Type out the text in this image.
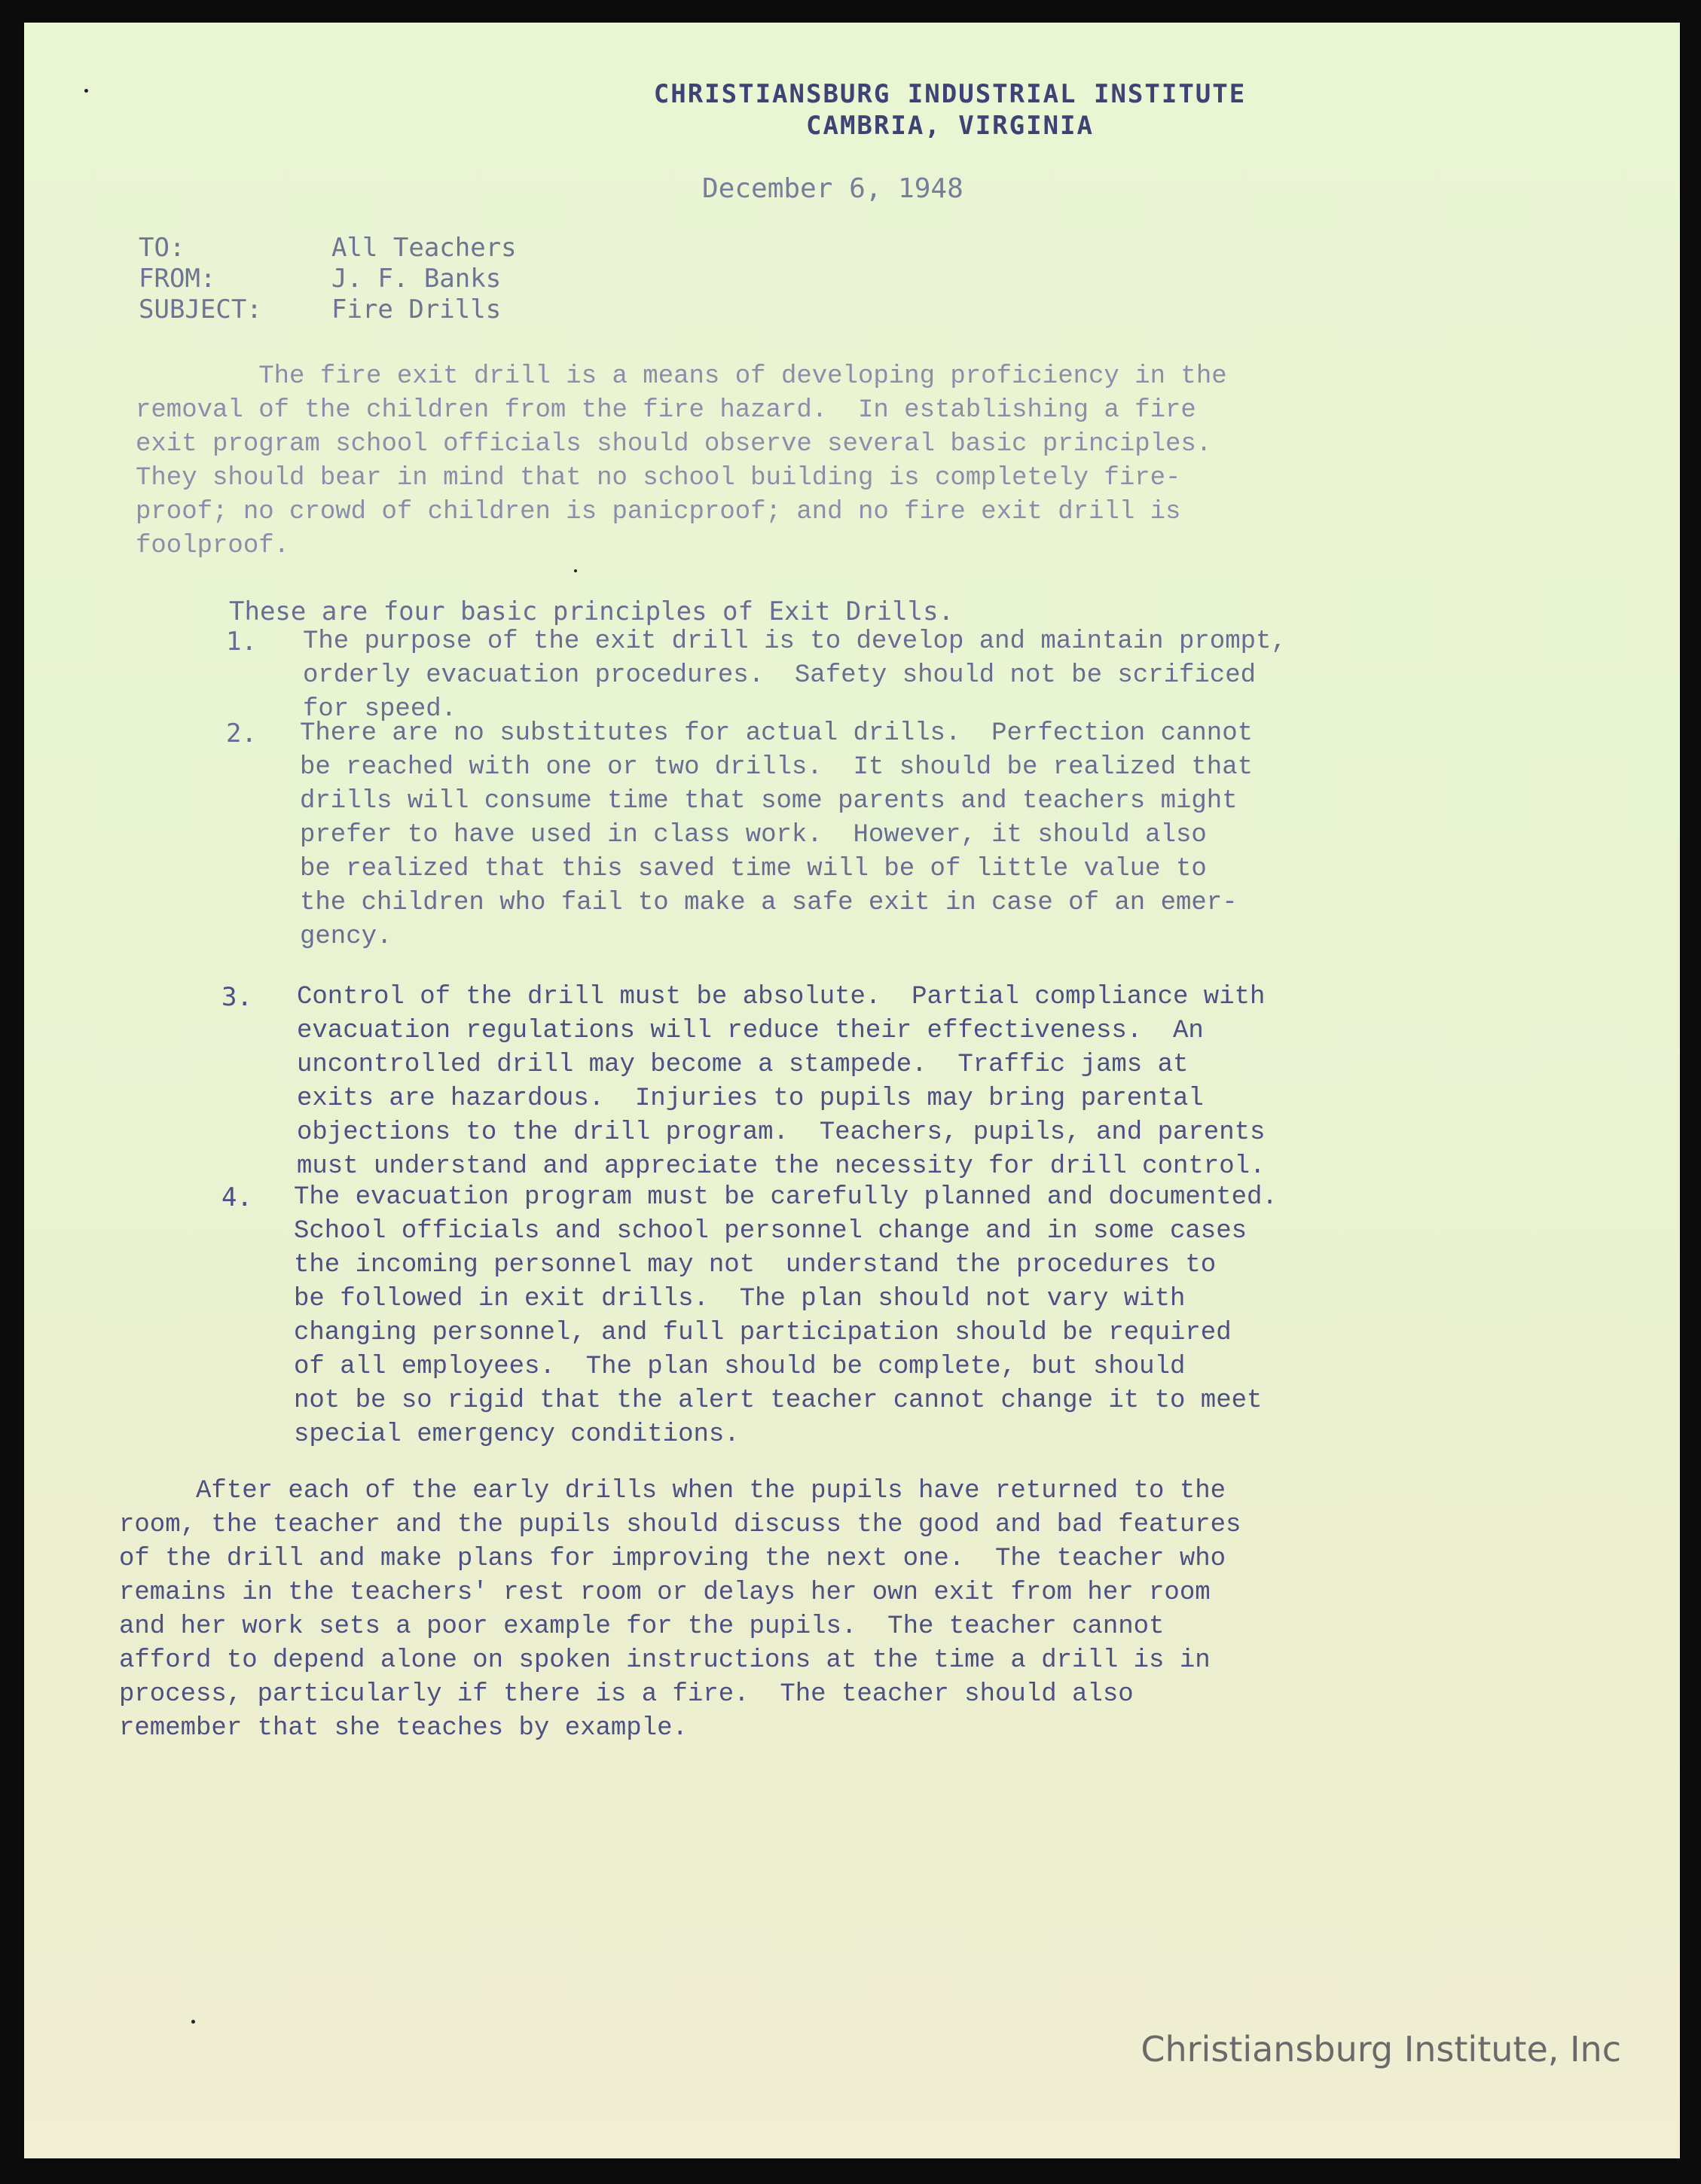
CHRISTIANSBURG INDUSTRIAL INSTITUTE
CAMBRIA, VIRGINIA
December 6, 1948
TO:	All Teachers
FROM:	J. F. Banks
SUBJECT:	Fire Drills
The fire exit drill is a means of developing proficiency in the
removal of the children from the fire hazard.  In establishing a fire
exit program school officials should observe several basic principles.
They should bear in mind that no school building is completely fire-
proof; no crowd of children is panicproof; and no fire exit drill is
foolproof.
These are four basic principles of Exit Drills.
1. The purpose of the exit drill is to develop and maintain prompt,
orderly evacuation procedures.  Safety should not be scrificed
for speed.
2. There are no substitutes for actual drills.  Perfection cannot
be reached with one or two drills.  It should be realized that
drills will consume time that some parents and teachers might
prefer to have used in class work.  However, it should also
be realized that this saved time will be of little value to
the children who fail to make a safe exit in case of an emer-
gency.
3. Control of the drill must be absolute.  Partial compliance with
evacuation regulations will reduce their effectiveness.  An
uncontrolled drill may become a stampede.  Traffic jams at
exits are hazardous.  Injuries to pupils may bring parental
objections to the drill program.  Teachers, pupils, and parents
must understand and appreciate the necessity for drill control.
4. The evacuation program must be carefully planned and documented.
School officials and school personnel change and in some cases
the incoming personnel may not  understand the procedures to
be followed in exit drills.  The plan should not vary with
changing personnel, and full participation should be required
of all employees.  The plan should be complete, but should
not be so rigid that the alert teacher cannot change it to meet
special emergency conditions.
After each of the early drills when the pupils have returned to the
room, the teacher and the pupils should discuss the good and bad features
of the drill and make plans for improving the next one.  The teacher who
remains in the teachers' rest room or delays her own exit from her room
and her work sets a poor example for the pupils.  The teacher cannot
afford to depend alone on spoken instructions at the time a drill is in
process, particularly if there is a fire.  The teacher should also
remember that she teaches by example.
Christiansburg Institute, Inc
